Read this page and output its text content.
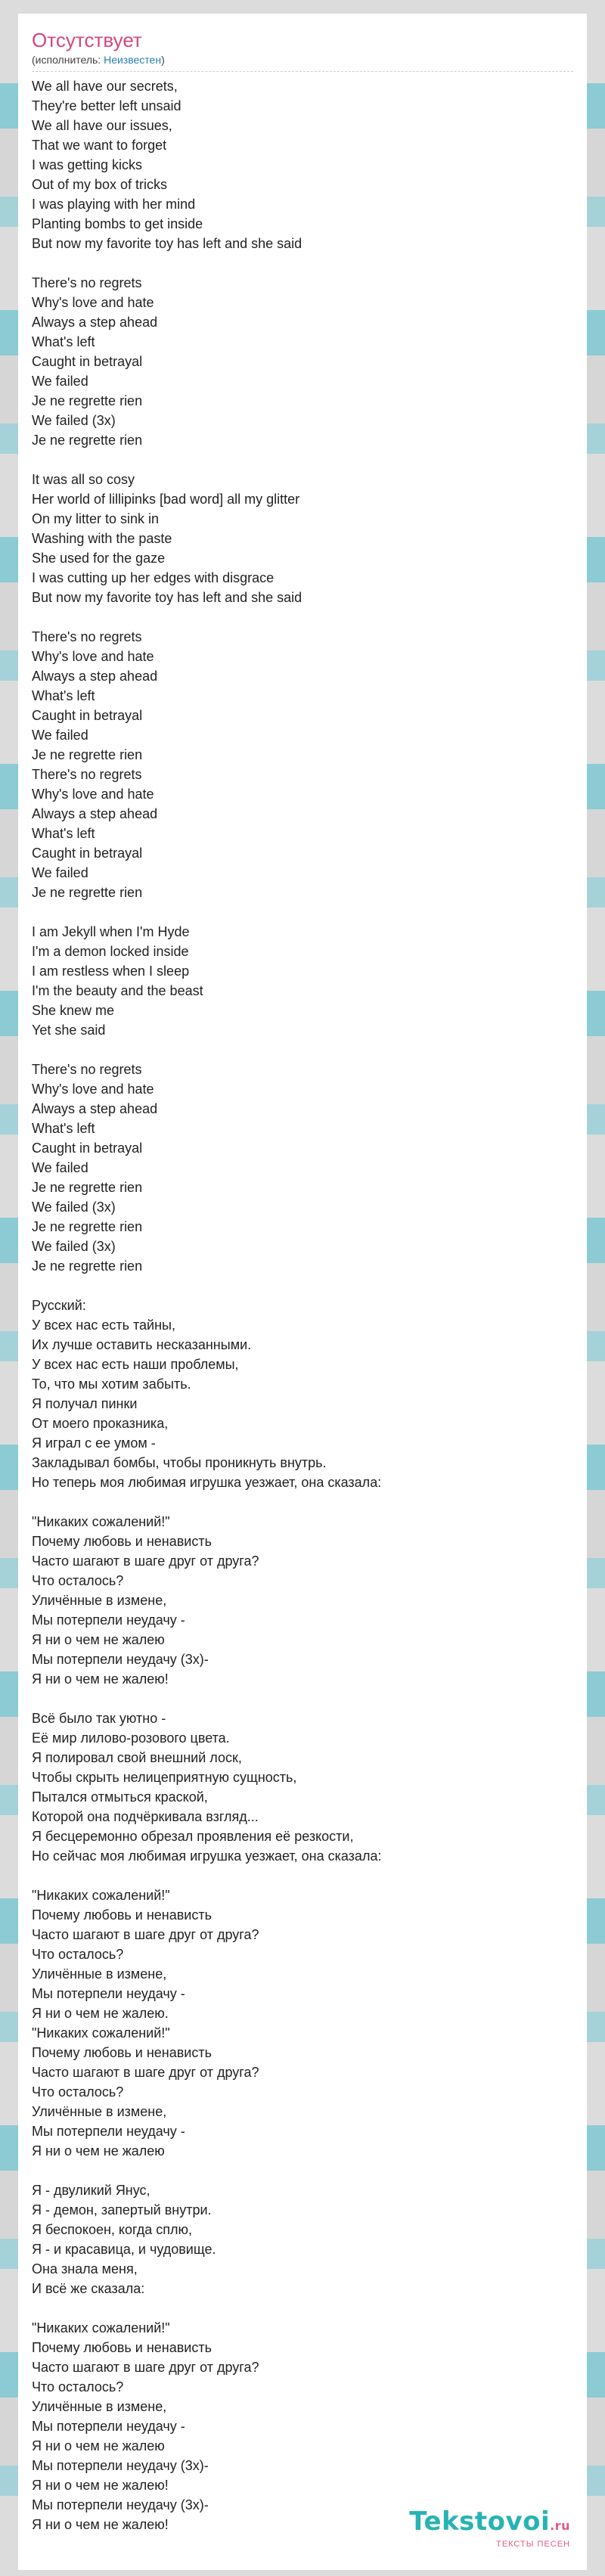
Отсутствует
(исполнитель: Неизвестен)
We all have our secrets,
They're better left unsaid
We all have our issues,
That we want to forget
I was getting kicks
Out of my box of tricks
I was playing with her mind
Planting bombs to get inside
But now my favorite toy has left and she said
There's no regrets
Why's love and hate
Always a step ahead
What's left
Caught in betrayal
We failed
Je ne regrette rien
We failed (3x)
Je ne regrette rien
It was all so cosy
Her world of lillipinks [bad word] all my glitter
On my litter to sink in
Washing with the paste
She used for the gaze
I was cutting up her edges with disgrace
But now my favorite toy has left and she said
There's no regrets
Why's love and hate
Always a step ahead
What's left
Caught in betrayal
We failed
Je ne regrette rien
There's no regrets
Why's love and hate
Always a step ahead
What's left
Caught in betrayal
We failed
Je ne regrette rien
I am Jekyll when I'm Hyde
I'm a demon locked inside
I am restless when I sleep
I'm the beauty and the beast
She knew me
Yet she said
There's no regrets
Why's love and hate
Always a step ahead
What's left
Caught in betrayal
We failed
Je ne regrette rien
We failed (3x)
Je ne regrette rien
We failed (3x)
Je ne regrette rien
Русский:
У всех нас есть тайны,
Их лучше оставить несказанными.
У всех нас есть наши проблемы,
То, что мы хотим забыть.
Я получал пинки
От моего проказника,
Я играл с ее умом -
Закладывал бомбы, чтобы проникнуть внутрь.
Но теперь моя любимая игрушка уезжает, она сказала:
"Никаких сожалений!"
Почему любовь и ненависть
Часто шагают в шаге друг от друга?
Что осталось?
Уличённые в измене,
Мы потерпели неудачу -
Я ни о чем не жалею
Мы потерпели неудачу (3х)-
Я ни о чем не жалею!
Всё было так уютно -
Её мир лилово-розового цвета.
Я полировал свой внешний лоск,
Чтобы скрыть нелицеприятную сущность,
Пытался отмыться краской,
Которой она подчёркивала взгляд...
Я бесцеремонно обрезал проявления её резкости,
Но сейчас моя любимая игрушка уезжает, она сказала:
"Никаких сожалений!"
Почему любовь и ненависть
Часто шагают в шаге друг от друга?
Что осталось?
Уличённые в измене,
Мы потерпели неудачу -
Я ни о чем не жалею.
"Никаких сожалений!"
Почему любовь и ненависть
Часто шагают в шаге друг от друга?
Что осталось?
Уличённые в измене,
Мы потерпели неудачу -
Я ни о чем не жалею
Я - двуликий Янус,
Я - демон, запертый внутри.
Я беспокоен, когда сплю,
Я - и красавица, и чудовище.
Она знала меня,
И всё же сказала:
"Никаких сожалений!"
Почему любовь и ненависть
Часто шагают в шаге друг от друга?
Что осталось?
Уличённые в измене,
Мы потерпели неудачу -
Я ни о чем не жалею
Мы потерпели неудачу (3х)-
Я ни о чем не жалею!
Мы потерпели неудачу (3х)-
Я ни о чем не жалею!	Tekstovoi.ru
ТЕКСТЫ ПЕСЕН
